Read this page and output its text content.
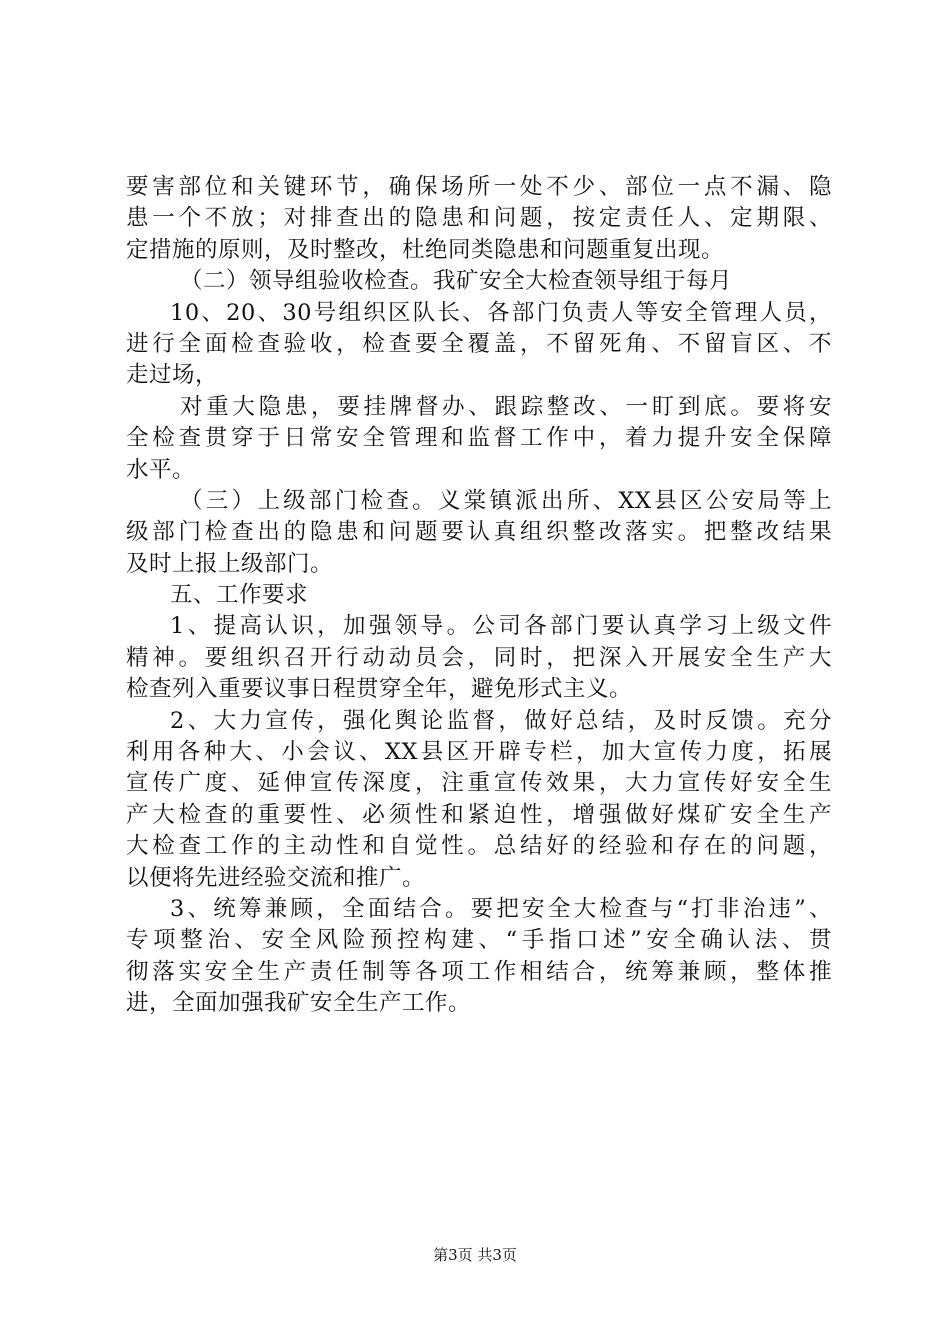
要害部位和关键环节，确保场所一处不少、部位一点不漏、隐
患一个不放；对排查出的隐患和问题，按定责任人、定期限、
定措施的原则，及时整改，杜绝同类隐患和问题重复出现。
（二）领导组验收检查。我矿安全大检查领导组于每月
10、20、30号组织区队长、各部门负责人等安全管理人员，
进行全面检查验收，检查要全覆盖，不留死角、不留盲区、不
走过场，
对重大隐患，要挂牌督办、跟踪整改、一盯到底。要将安
全检查贯穿于日常安全管理和监督工作中，着力提升安全保障
水平。
（三）上级部门检查。义棠镇派出所、XX县区公安局等上
级部门检查出的隐患和问题要认真组织整改落实。把整改结果
及时上报上级部门。
五、工作要求
1、提高认识，加强领导。公司各部门要认真学习上级文件
精神。要组织召开行动动员会，同时，把深入开展安全生产大
检查列入重要议事日程贯穿全年，避免形式主义。
2、大力宣传，强化舆论监督，做好总结，及时反馈。充分
利用各种大、小会议、XX县区开辟专栏，加大宣传力度，拓展
宣传广度、延伸宣传深度，注重宣传效果，大力宣传好安全生
产大检查的重要性、必须性和紧迫性，增强做好煤矿安全生产
大检查工作的主动性和自觉性。总结好的经验和存在的问题，
以便将先进经验交流和推广。
3、统筹兼顾，全面结合。要把安全大检查与“打非治违”、
专项整治、安全风险预控构建、“手指口述”安全确认法、贯
彻落实安全生产责任制等各项工作相结合，统筹兼顾，整体推
进，全面加强我矿安全生产工作。
第3页 共3页
